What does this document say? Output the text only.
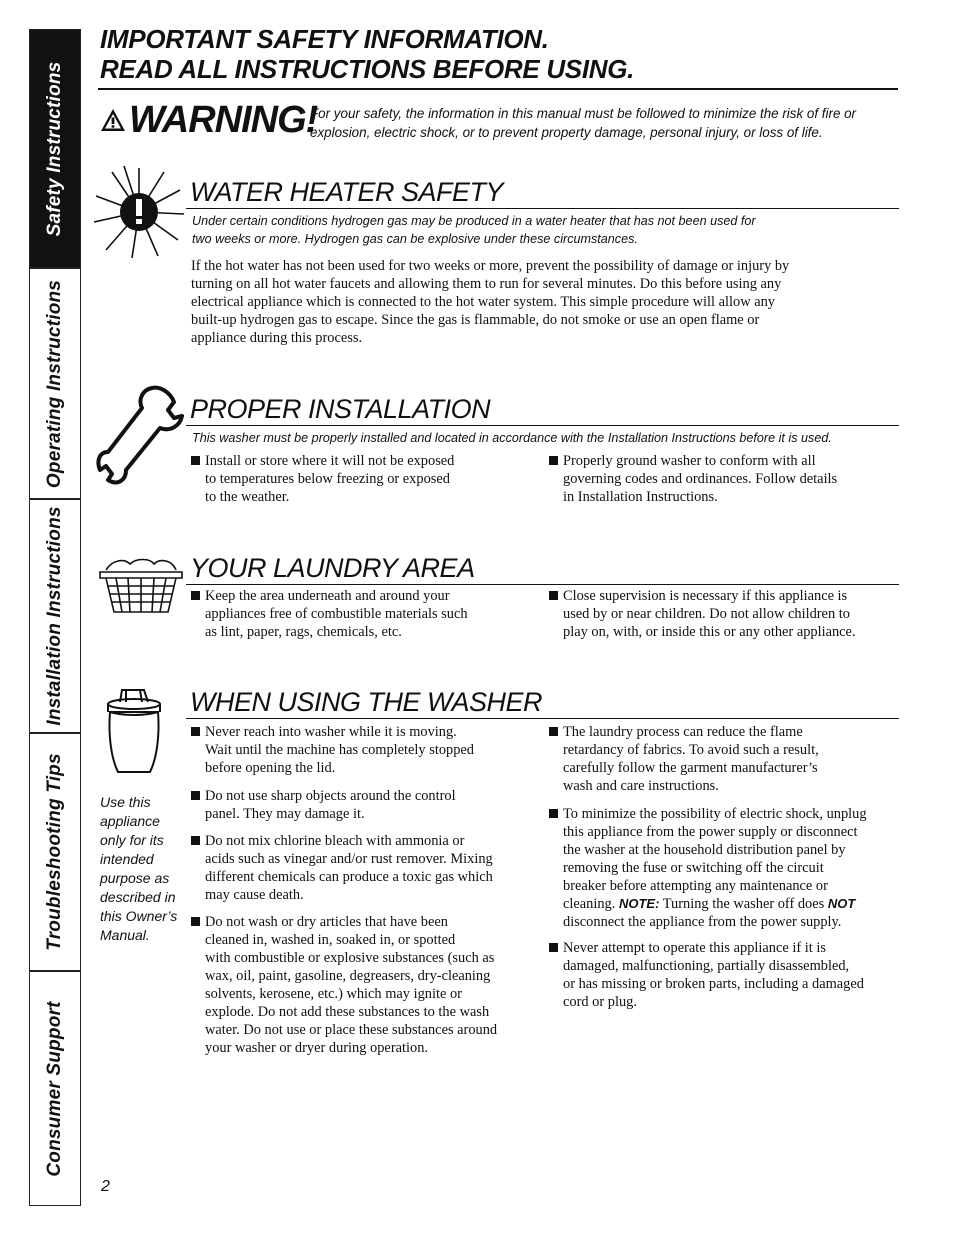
Safety Instructions
Operating Instructions
Installation Instructions
Troubleshooting Tips
Consumer Support
IMPORTANT SAFETY INFORMATION.
READ ALL INSTRUCTIONS BEFORE USING.
WARNING!
For your safety, the information in this manual must be followed to minimize the risk of fire or explosion, electric shock, or to prevent property damage, personal injury, or loss of life.
WATER HEATER SAFETY
Under certain conditions hydrogen gas may be produced in a water heater that has not been used for
two weeks or more. Hydrogen gas can be explosive under these circumstances.
If the hot water has not been used for two weeks or more, prevent the possibility of damage or injury by
turning on all hot water faucets and allowing them to run for several minutes. Do this before using any
electrical appliance which is connected to the hot water system. This simple procedure will allow any
built-up hydrogen gas to escape. Since the gas is flammable, do not smoke or use an open flame or
appliance during this process.
PROPER INSTALLATION
This washer must be properly installed and located in accordance with the Installation Instructions before it is used.
Install or store where it will not be exposed
to temperatures below freezing or exposed
to the weather.
Properly ground washer to conform with all
governing codes and ordinances. Follow details
in Installation Instructions.
YOUR LAUNDRY AREA
Keep the area underneath and around your
appliances free of combustible materials such
as lint, paper, rags, chemicals, etc.
Close supervision is necessary if this appliance is
used by or near children. Do not allow children to
play on, with, or inside this or any other appliance.
WHEN USING THE WASHER
Use this
appliance
only for its
intended
purpose as
described in
this Owner’s
Manual.
Never reach into washer while it is moving.
Wait until the machine has completely stopped
before opening the lid.
Do not use sharp objects around the control
panel. They may damage it.
Do not mix chlorine bleach with ammonia or
acids such as vinegar and/or rust remover. Mixing
different chemicals can produce a toxic gas which
may cause death.
Do not wash or dry articles that have been
cleaned in, washed in, soaked in, or spotted
with combustible or explosive substances (such as
wax, oil, paint, gasoline, degreasers, dry-cleaning
solvents, kerosene, etc.) which may ignite or
explode. Do not add these substances to the wash
water. Do not use or place these substances around
your washer or dryer during operation.
The laundry process can reduce the flame
retardancy of fabrics. To avoid such a result,
carefully follow the garment manufacturer’s
wash and care instructions.
To minimize the possibility of electric shock, unplug
this appliance from the power supply or disconnect
the washer at the household distribution panel by
removing the fuse or switching off the circuit
breaker before attempting any maintenance or
cleaning. NOTE: Turning the washer off does NOT
disconnect the appliance from the power supply.
Never attempt to operate this appliance if it is
damaged, malfunctioning, partially disassembled,
or has missing or broken parts, including a damaged
cord or plug.
2
